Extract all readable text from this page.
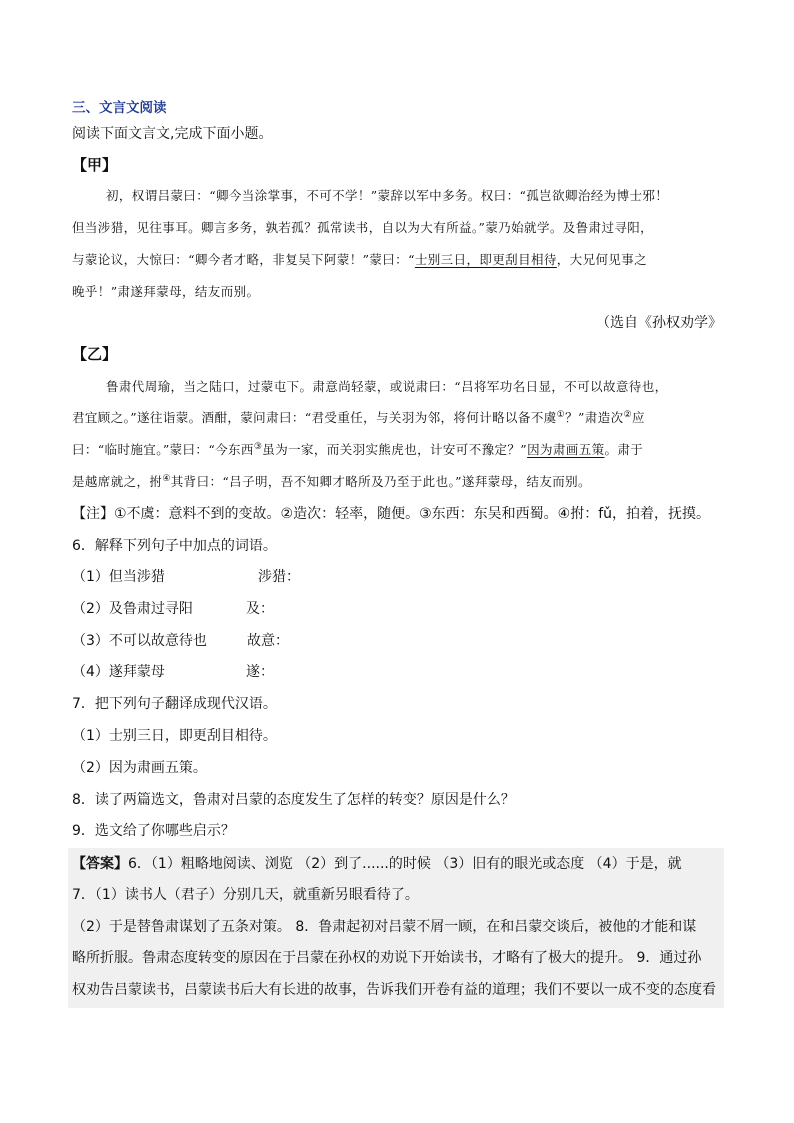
三、文言文阅读
阅读下面文言文,完成下面小题。
【甲】
初，权谓吕蒙曰：“卿今当涂掌事，不可不学！”蒙辞以军中多务。权曰：“孤岂欲卿治经为博士邪！
但当涉猎，见往事耳。卿言多务，孰若孤？孤常读书，自以为大有所益。”蒙乃始就学。及鲁肃过寻阳，
与蒙论议，大惊曰：“卿今者才略，非复吴下阿蒙！”蒙曰：“士别三日，即更刮目相待，大兄何见事之
晚乎！”肃遂拜蒙母，结友而别。
（选自《孙权劝学》
【乙】
鲁肃代周瑜，当之陆口，过蒙屯下。肃意尚轻蒙，或说肃曰：“吕将军功名日显，不可以故意待也，
君宜顾之。”遂往诣蒙。酒酣，蒙问肃曰：“君受重任，与关羽为邻，将何计略以备不虞①？”肃造次②应
曰：“临时施宜。”蒙曰：“今东西③虽为一家，而关羽实熊虎也，计安可不豫定？”因为肃画五策。肃于
是越席就之，拊④其背曰：“吕子明，吾不知卿才略所及乃至于此也。”遂拜蒙母，结友而别。
【注】①不虞：意料不到的变故。②造次：轻率，随便。③东西：东吴和西蜀。④拊：fǔ，拍着，抚摸。
6．解释下列句子中加点的词语。
（1）但当涉猎	涉猎：
（2）及鲁肃过寻阳	及：
（3）不可以故意待也	故意：
（4）遂拜蒙母	遂：
7．把下列句子翻译成现代汉语。
（1）士别三日，即更刮目相待。
（2）因为肃画五策。
8．读了两篇选文，鲁肃对吕蒙的态度发生了怎样的转变？原因是什么？
9．选文给了你哪些启示？
【答案】6．（1）粗略地阅读、浏览 （2）到了......的时候 （3）旧有的眼光或态度 （4）于是，就
7．（1）读书人（君子）分别几天，就重新另眼看待了。
（2）于是替鲁肃谋划了五条对策。 8．鲁肃起初对吕蒙不屑一顾，在和吕蒙交谈后，被他的才能和谋
略所折服。鲁肃态度转变的原因在于吕蒙在孙权的劝说下开始读书，才略有了极大的提升。 9．通过孙
权劝告吕蒙读书，吕蒙读书后大有长进的故事，告诉我们开卷有益的道理；我们不要以一成不变的态度看
